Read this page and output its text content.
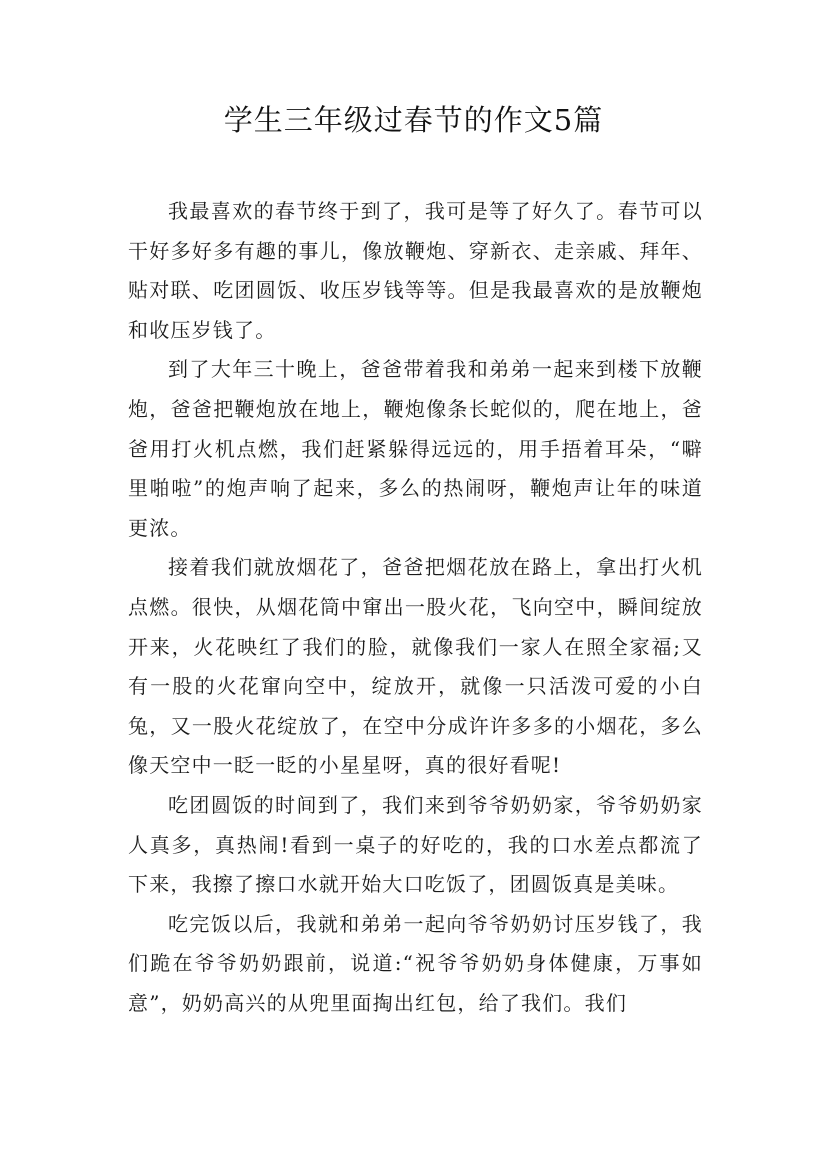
学生三年级过春节的作文5篇

我最喜欢的春节终于到了，我可是等了好久了。春节可以干好多好多有趣的事儿，像放鞭炮、穿新衣、走亲戚、拜年、贴对联、吃团圆饭、收压岁钱等等。但是我最喜欢的是放鞭炮和收压岁钱了。

到了大年三十晚上，爸爸带着我和弟弟一起来到楼下放鞭炮，爸爸把鞭炮放在地上，鞭炮像条长蛇似的，爬在地上，爸爸用打火机点燃，我们赶紧躲得远远的，用手捂着耳朵，“噼里啪啦”的炮声响了起来，多么的热闹呀，鞭炮声让年的味道更浓。

接着我们就放烟花了，爸爸把烟花放在路上，拿出打火机点燃。很快，从烟花筒中窜出一股火花，飞向空中，瞬间绽放开来，火花映红了我们的脸，就像我们一家人在照全家福;又有一股的火花窜向空中，绽放开，就像一只活泼可爱的小白兔，又一股火花绽放了，在空中分成许许多多的小烟花，多么像天空中一眨一眨的小星星呀，真的很好看呢!

吃团圆饭的时间到了，我们来到爷爷奶奶家，爷爷奶奶家人真多，真热闹!看到一桌子的好吃的，我的口水差点都流了下来，我擦了擦口水就开始大口吃饭了，团圆饭真是美味。

吃完饭以后，我就和弟弟一起向爷爷奶奶讨压岁钱了，我们跪在爷爷奶奶跟前，说道:“祝爷爷奶奶身体健康，万事如意”，奶奶高兴的从兜里面掏出红包，给了我们。我们
